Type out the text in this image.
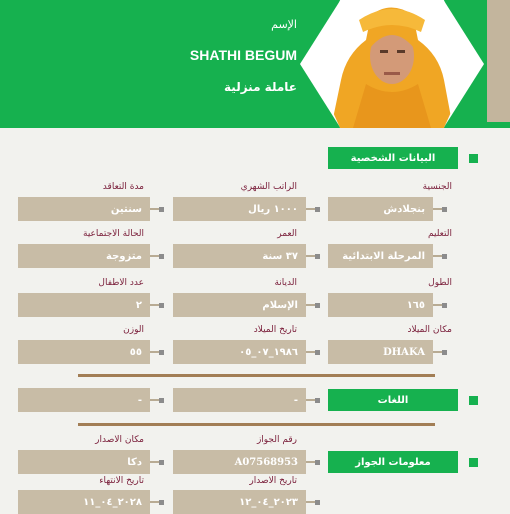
الإسم
SHATHI BEGUM
عاملة منزلية
البيانات الشخصية
الجنسية
بنجلادش
الراتب الشهري
١٠٠٠ ريال
مدة التعاقد
سنتين
التعليم
المرحلة الابتدائية
العمر
٣٧ سنة
الحالة الاجتماعية
متزوجة
الطول
١٦٥
الديانة
الإسلام
عدد الاطفال
٢
مكان الميلاد
DHAKA
تاريخ الميلاد
١٩٨٦_٠٧_٠٥
الوزن
٥٥
اللغات
-
-
معلومات الجواز
رقم الجواز
A07568953
مكان الاصدار
دكا
تاريخ الاصدار
٢٠٢٣_٠٤_١٢
تاريخ الانتهاء
٢٠٢٨_٠٤_١١
